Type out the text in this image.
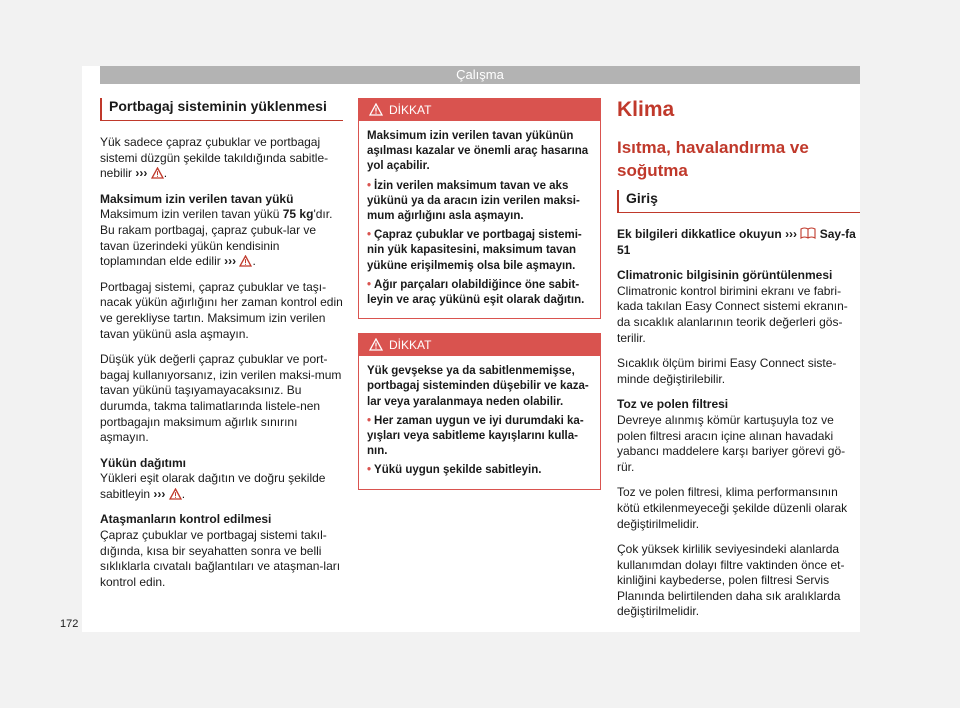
Çalışma
Portbagaj sisteminin yüklenmesi

Yük sadece çapraz çubuklar ve portbagaj sistemi düzgün şekilde takıldığında sabitle-nebilir ››› .

Maksimum izin verilen tavan yükü

Maksimum izin verilen tavan yükü 75 kg'dır. Bu rakam portbagaj, çapraz çubuk-lar ve tavan üzerindeki yükün kendisinin toplamından elde edilir ››› .

Portbagaj sistemi, çapraz çubuklar ve taşı-nacak yükün ağırlığını her zaman kontrol edin ve gerekliyse tartın. Maksimum izin verilen tavan yükünü asla aşmayın.

Düşük yük değerli çapraz çubuklar ve port-bagaj kullanıyorsanız, izin verilen maksi-mum tavan yükünü taşıyamayacaksınız. Bu durumda, takma talimatlarında listele-nen portbagajın maksimum ağırlık sınırını aşmayın.

Yükün dağıtımı

Yükleri eşit olarak dağıtın ve doğru şekilde sabitleyin ››› .

Ataşmanların kontrol edilmesi

Çapraz çubuklar ve portbagaj sistemi takıl-dığında, kısa bir seyahatten sonra ve belli sıklıklarla cıvatalı bağlantıları ve ataşman-ları kontrol edin.

DİKKAT

Maksimum izin verilen tavan yükünün aşılması kazalar ve önemli araç hasarına yol açabilir.

• İzin verilen maksimum tavan ve aks yükünü ya da aracın izin verilen maksi-mum ağırlığını asla aşmayın.

• Çapraz çubuklar ve portbagaj sistemi-nin yük kapasitesini, maksimum tavan yüküne erişilmemiş olsa bile aşmayın.

• Ağır parçaları olabildiğince öne sabit-leyin ve araç yükünü eşit olarak dağıtın.

DİKKAT

Yük gevşekse ya da sabitlenmemişse, portbagaj sisteminden düşebilir ve kaza-lar veya yaralanmaya neden olabilir.

• Her zaman uygun ve iyi durumdaki ka-yışları veya sabitleme kayışlarını kulla-nın.

• Yükü uygun şekilde sabitleyin.

Klima
Isıtma, havalandırma ve soğutma
Giriş

Ek bilgileri dikkatlice okuyun ››› Say-fa 51

Climatronic bilgisinin görüntülenmesi

Climatronic kontrol birimini ekranı ve fabri-kada takılan Easy Connect sistemi ekranın-da sıcaklık alanlarının teorik değerleri gös-terilir.

Sıcaklık ölçüm birimi Easy Connect siste-minde değiştirilebilir.

Toz ve polen filtresi

Devreye alınmış kömür kartuşuyla toz ve polen filtresi aracın içine alınan havadaki yabancı maddelere karşı bariyer görevi gö-rür.

Toz ve polen filtresi, klima performansının kötü etkilenmeyeceği şekilde düzenli olarak değiştirilmelidir.

Çok yüksek kirlilik seviyesindeki alanlarda kullanımdan dolayı filtre vaktinden önce et-kinliğini kaybederse, polen filtresi Servis Planında belirtilenden daha sık aralıklarda değiştirilmelidir.

172
